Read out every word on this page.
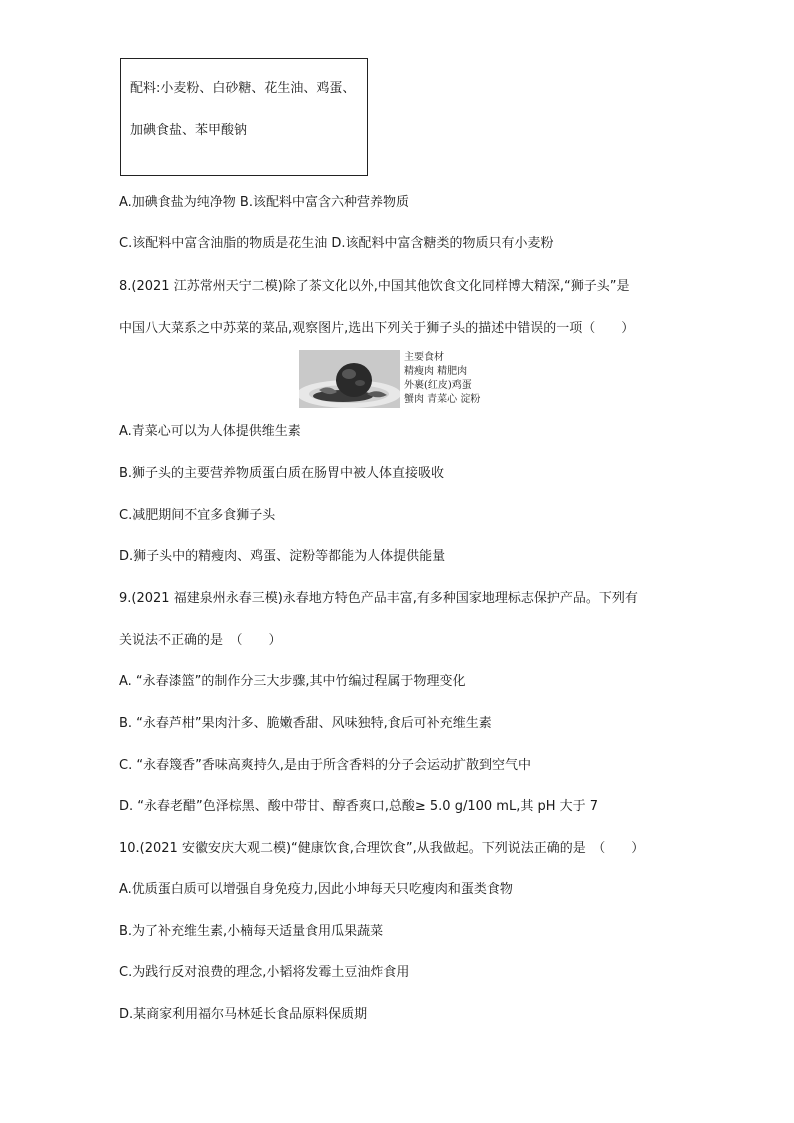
配料:小麦粉、白砂糖、花生油、鸡蛋、
加碘食盐、苯甲酸钠
A.加碘食盐为纯净物 B.该配料中富含六种营养物质
C.该配料中富含油脂的物质是花生油 D.该配料中富含糖类的物质只有小麦粉
8.(2021 江苏常州天宁二模)除了茶文化以外,中国其他饮食文化同样博大精深,“狮子头”是
中国八大菜系之中苏菜的菜品,观察图片,选出下列关于狮子头的描述中错误的一项（　　）
主要食材
精瘦肉 精肥肉
外裹(红皮)鸡蛋
蟹肉 青菜心 淀粉
A.青菜心可以为人体提供维生素
B.狮子头的主要营养物质蛋白质在肠胃中被人体直接吸收
C.减肥期间不宜多食狮子头
D.狮子头中的精瘦肉、鸡蛋、淀粉等都能为人体提供能量
9.(2021 福建泉州永春三模)永春地方特色产品丰富,有多种国家地理标志保护产品。下列有
关说法不正确的是　（　　）
A. “永春漆篮”的制作分三大步骤,其中竹编过程属于物理变化
B. “永春芦柑”果肉汁多、脆嫩香甜、风味独特,食后可补充维生素
C. “永春篾香”香味高爽持久,是由于所含香料的分子会运动扩散到空气中
D. “永春老醋”色泽棕黑、酸中带甘、醇香爽口,总酸≥ 5.0 g/100 mL,其 pH 大于 7
10.(2021 安徽安庆大观二模)“健康饮食,合理饮食”,从我做起。下列说法正确的是　（　　）
A.优质蛋白质可以增强自身免疫力,因此小坤每天只吃瘦肉和蛋类食物
B.为了补充维生素,小楠每天适量食用瓜果蔬菜
C.为践行反对浪费的理念,小韬将发霉土豆油炸食用
D.某商家利用福尔马林延长食品原料保质期
